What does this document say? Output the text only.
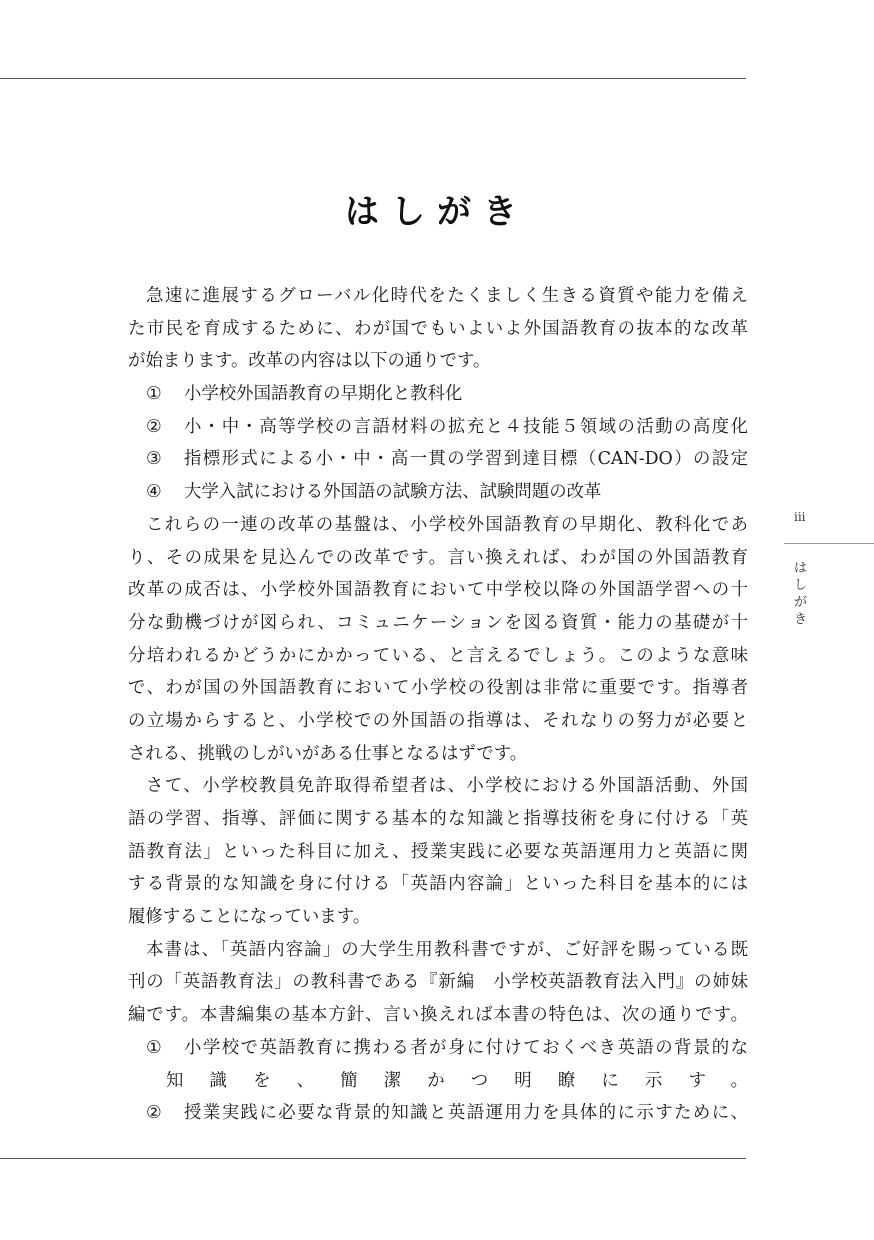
はしがき
急速に進展するグローバル化時代をたくましく生きる資質や能力を備え
た市民を育成するために、わが国でもいよいよ外国語教育の抜本的な改革
が始まります。改革の内容は以下の通りです。
①	小学校外国語教育の早期化と教科化
②	小・中・高等学校の言語材料の拡充と４技能５領域の活動の高度化
③	指標形式による小・中・高一貫の学習到達目標（CAN-DO）の設定
④	大学入試における外国語の試験方法、試験問題の改革
これらの一連の改革の基盤は、小学校外国語教育の早期化、教科化であ
り、その成果を見込んでの改革です。言い換えれば、わが国の外国語教育
改革の成否は、小学校外国語教育において中学校以降の外国語学習への十
分な動機づけが図られ、コミュニケーションを図る資質・能力の基礎が十
分培われるかどうかにかかっている、と言えるでしょう。このような意味
で、わが国の外国語教育において小学校の役割は非常に重要です。指導者
の立場からすると、小学校での外国語の指導は、それなりの努力が必要と
される、挑戦のしがいがある仕事となるはずです。
さて、小学校教員免許取得希望者は、小学校における外国語活動、外国
語の学習、指導、評価に関する基本的な知識と指導技術を身に付ける「英
語教育法」といった科目に加え、授業実践に必要な英語運用力と英語に関
する背景的な知識を身に付ける「英語内容論」といった科目を基本的には
履修することになっています。
本書は、「英語内容論」の大学生用教科書ですが、ご好評を賜っている既
刊の「英語教育法」の教科書である『新編　小学校英語教育法入門』の姉妹
編です。本書編集の基本方針、言い換えれば本書の特色は、次の通りです。
①	小学校で英語教育に携わる者が身に付けておくべき英語の背景的な
知識を、簡潔かつ明瞭に示す。
②	授業実践に必要な背景的知識と英語運用力を具体的に示すために、
iii
はしがき
